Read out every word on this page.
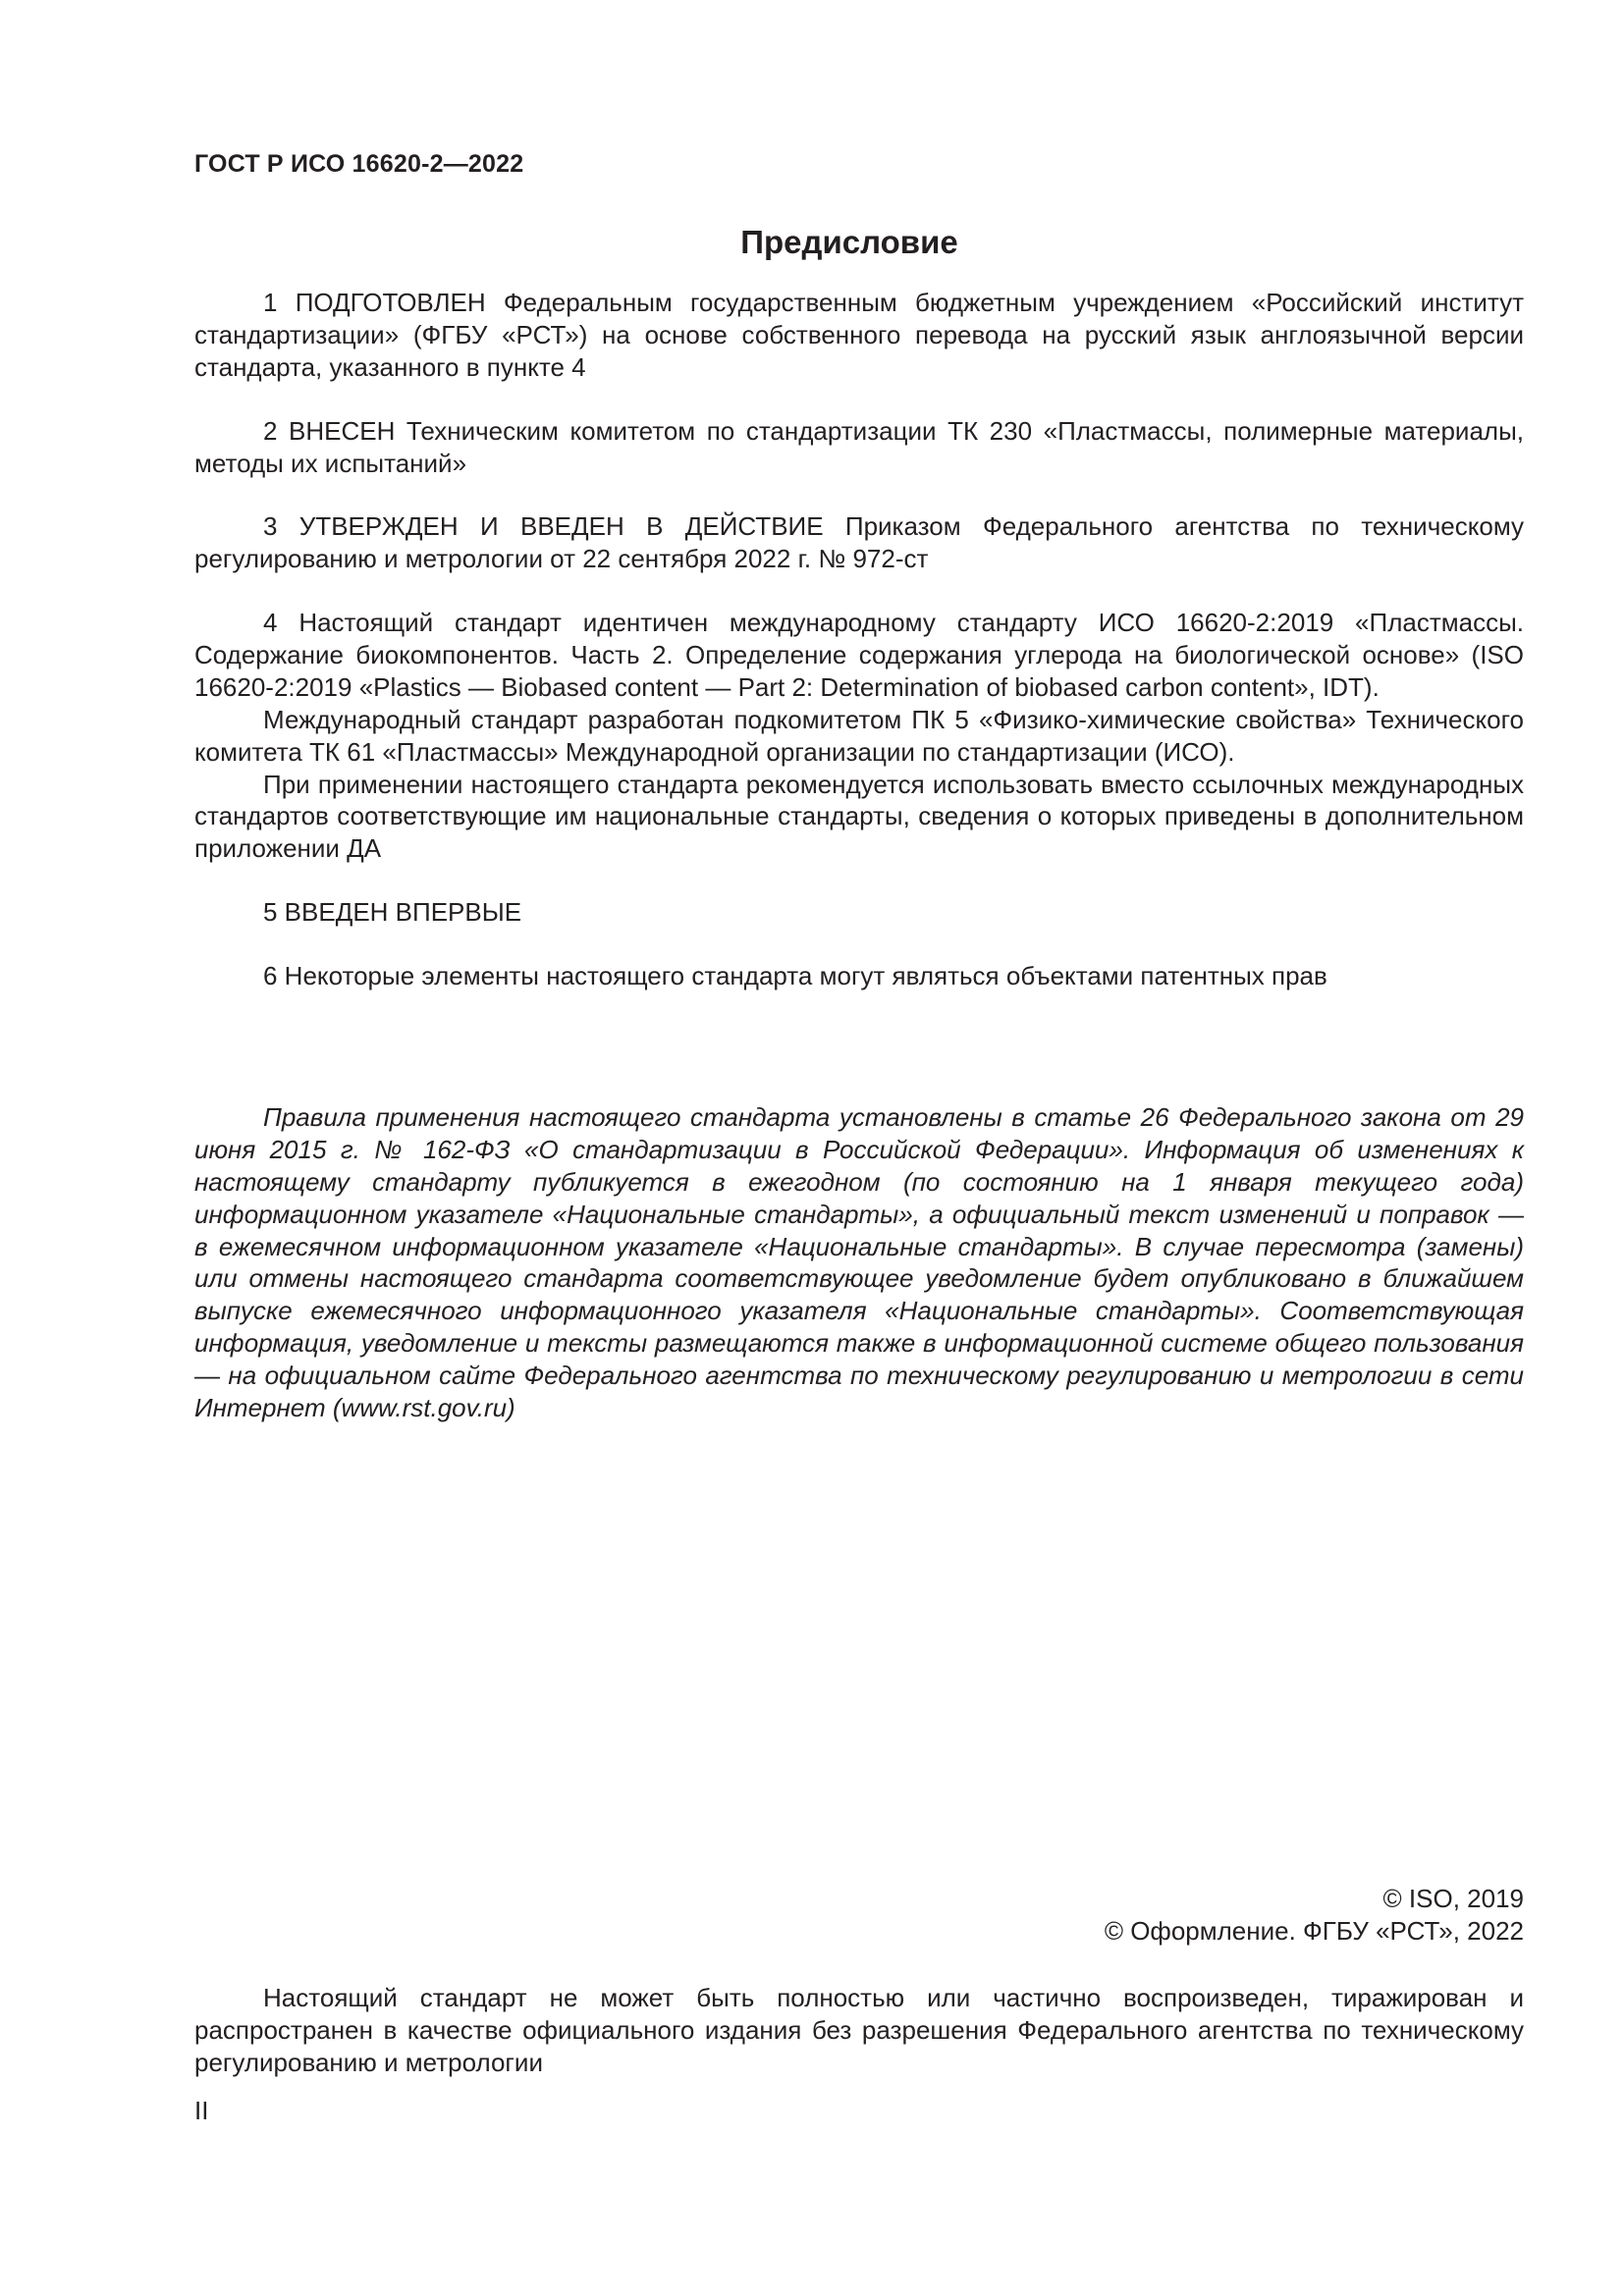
ГОСТ Р ИСО 16620-2—2022
Предисловие

1 ПОДГОТОВЛЕН Федеральным государственным бюджетным учреждением «Российский институт стандартизации» (ФГБУ «РСТ») на основе собственного перевода на русский язык англоязычной версии стандарта, указанного в пункте 4

2 ВНЕСЕН Техническим комитетом по стандартизации ТК 230 «Пластмассы, полимерные материалы, методы их испытаний»

3 УТВЕРЖДЕН И ВВЕДЕН В ДЕЙСТВИЕ Приказом Федерального агентства по техническому регулированию и метрологии от 22 сентября 2022 г. № 972-ст

4 Настоящий стандарт идентичен международному стандарту ИСО 16620-2:2019 «Пластмассы. Содержание биокомпонентов. Часть 2. Определение содержания углерода на биологической основе» (ISO 16620-2:2019 «Plastics — Biobased content — Part 2: Determination of biobased carbon content», IDT).

Международный стандарт разработан подкомитетом ПК 5 «Физико-химические свойства» Технического комитета ТК 61 «Пластмассы» Международной организации по стандартизации (ИСО).

При применении настоящего стандарта рекомендуется использовать вместо ссылочных международных стандартов соответствующие им национальные стандарты, сведения о которых приведены в дополнительном приложении ДА

5 ВВЕДЕН ВПЕРВЫЕ

6 Некоторые элементы настоящего стандарта могут являться объектами патентных прав

Правила применения настоящего стандарта установлены в статье 26 Федерального закона от 29 июня 2015 г. № 162-ФЗ «О стандартизации в Российской Федерации». Информация об изменениях к настоящему стандарту публикуется в ежегодном (по состоянию на 1 января текущего года) информационном указателе «Национальные стандарты», а официальный текст изменений и поправок — в ежемесячном информационном указателе «Национальные стандарты». В случае пересмотра (замены) или отмены настоящего стандарта соответствующее уведомление будет опубликовано в ближайшем выпуске ежемесячного информационного указателя «Национальные стандарты». Соответствующая информация, уведомление и тексты размещаются также в информационной системе общего пользования — на официальном сайте Федерального агентства по техническому регулированию и метрологии в сети Интернет (www.rst.gov.ru)
© ISO, 2019
© Оформление. ФГБУ «РСТ», 2022
Настоящий стандарт не может быть полностью или частично воспроизведен, тиражирован и распространен в качестве официального издания без разрешения Федерального агентства по техническому регулированию и метрологии
II
